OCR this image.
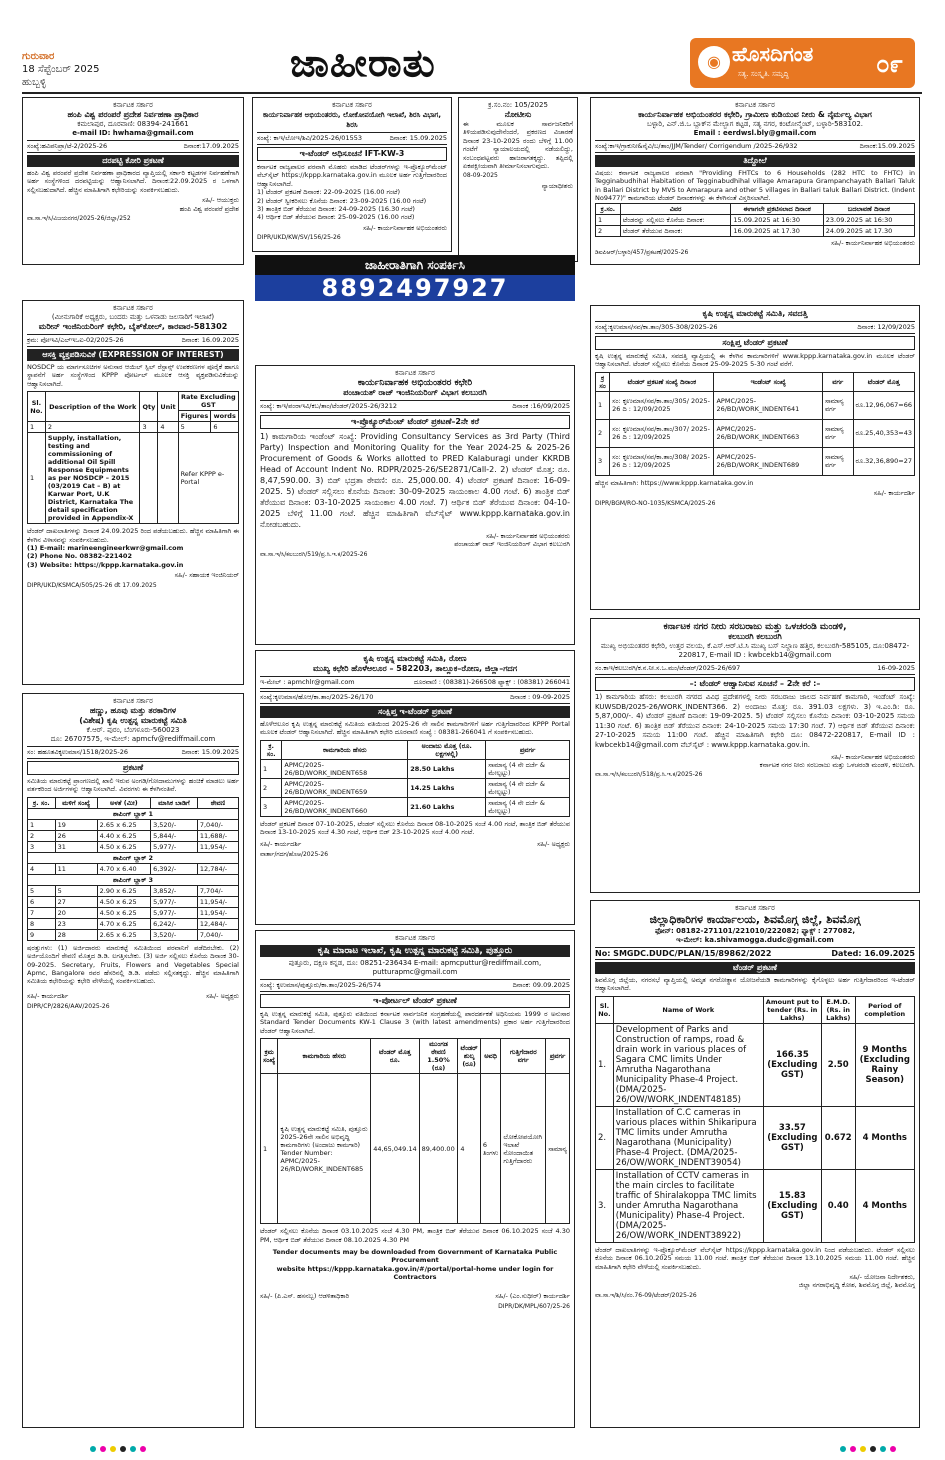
ಗುರುವಾರ
18 ಸೆಪ್ಟೆಂಬರ್ 2025
ಹುಬ್ಬಳ್ಳಿ	ಜಾಹೀರಾತು	◉ ಹೊಸದಿಗಂತ
ಸತ್ಯ. ಸಂಸ್ಕೃತಿ. ಸಮೃದ್ಧಿ	೦೯
ಕರ್ನಾಟಕ ಸರ್ಕಾರ
ಹಂಪಿ ವಿಶ್ವ ಪರಂಪರೆ ಪ್ರದೇಶ ನಿರ್ವಹಣಾ ಪ್ರಾಧಿಕಾರ
ಕಮಲಾಪುರ, ದೂರವಾಣಿ: 08394-241661
e-mail ID: hwhama@gmail.com
ಸಂಖ್ಯೆ:ಹವಿಪನಿಪ್ರಾ/ಟೆ-2/2025-26	ದಿನಾಂಕ:17.09.2025
ದರಪಟ್ಟಿ ಕೋರಿ ಪ್ರಕಟಣೆ

ಹಂಪಿ ವಿಶ್ವ ಪರಂಪರೆ ಪ್ರದೇಶ ನಿರ್ವಹಣಾ ಪ್ರಾಧಿಕಾರದ ವ್ಯಾಪ್ತಿಯಲ್ಲಿ ಸರ್ಕಾರಿ ಕಟ್ಟಡಗಳ ನಿರ್ವಹಣೆಗಾಗಿ ಅರ್ಹ ಸಂಸ್ಥೆಗಳಿಂದ ದರಪಟ್ಟಿಯನ್ನು ಆಹ್ವಾನಿಸಲಾಗಿದೆ. ದಿನಾಂಕ:22.09.2025 ರ ಒಳಗಾಗಿ ಸಲ್ಲಿಸಬಹುದಾಗಿದೆ. ಹೆಚ್ಚಿನ ಮಾಹಿತಿಗಾಗಿ ಕಛೇರಿಯನ್ನು ಸಂಪರ್ಕಿಸಬಹುದು.

ಸಹಿ/- ಆಯುಕ್ತರು
ಹಂಪಿ ವಿಶ್ವ ಪರಂಪರೆ ಪ್ರದೇಶ
ವಾ.ಸಾ.ಇ/ಸಿ/ವಿಜಯನಗರ/2025-26/ಜಿಲ್ಲಾ/252
ಕರ್ನಾಟಕ ಸರ್ಕಾರ
ಕಾರ್ಯನಿರ್ವಾಹಕ ಅಭಿಯಂತರರು, ಲೋಕೋಪಯೋಗಿ ಇಲಾಖೆ, ಶಿರಸಿ ವಿಭಾಗ, ಶಿರಸಿ
ಸಂಖ್ಯೆ: ಕಾಇ/ಲೋಇ/ಶಿವಿ/2025-26/01553	ದಿನಾಂಕ: 15.09.2025
ಇ-ಟೆಂಡರ್ ಅಧಿಸೂಚನೆ IFT-KW-3

ಕರ್ನಾಟಕ ರಾಜ್ಯಪಾಲರ ಪರವಾಗಿ ಮೊಹರು ಮಾಡಿದ ಟೆಂಡರ್‌ಗಳನ್ನು ಇ-ಪ್ರೊಕ್ಯೂರ್‌ಮೆಂಟ್ ವೆಬ್‌ಸೈಟ್ https://kppp.karnataka.gov.in ಮೂಲಕ ಅರ್ಹ ಗುತ್ತಿಗೆದಾರರಿಂದ ಆಹ್ವಾನಿಸಲಾಗಿದೆ.

1) ಟೆಂಡರ್ ಪ್ರಕಟಣೆ ದಿನಾಂಕ: 22-09-2025 (16.00 ಗಂಟೆ)

2) ಟೆಂಡರ್ ಸ್ವೀಕರಿಸಲು ಕೊನೆಯ ದಿನಾಂಕ: 23-09-2025 (16.00 ಗಂಟೆ)

3) ತಾಂತ್ರಿಕ ಬಿಡ್ ತೆರೆಯುವ ದಿನಾಂಕ: 24-09-2025 (16.30 ಗಂಟೆ)

4) ಆರ್ಥಿಕ ಬಿಡ್ ತೆರೆಯುವ ದಿನಾಂಕ: 25-09-2025 (16.00 ಗಂಟೆ)

ಸಹಿ/- ಕಾರ್ಯನಿರ್ವಾಹಕ ಅಭಿಯಂತರರು
DIPR/UKD/KW/SV/156/25-26
ಕ್ರ.ಸಂ.ನಂ: 105/2025
ನೋಟೀಸು

ಈ ಮೂಲಕ ಸಾರ್ವಜನಿಕರಿಗೆ ತಿಳಿಯಪಡಿಸುವುದೇನೆಂದರೆ, ಪ್ರಕರಣದ ವಿಚಾರಣೆ ದಿನಾಂಕ 23-10-2025 ರಂದು ಬೆಳಿಗ್ಗೆ 11.00 ಗಂಟೆಗೆ ನ್ಯಾಯಾಲಯದಲ್ಲಿ ನಡೆಯಲಿದ್ದು, ಸಂಬಂಧಪಟ್ಟವರು ಹಾಜರಾಗತಕ್ಕದ್ದು. ತಪ್ಪಿದಲ್ಲಿ ಏಕಪಕ್ಷೀಯವಾಗಿ ತೀರ್ಮಾನಿಸಲಾಗುವುದು.

08-09-2025
ನ್ಯಾಯಾಧೀಶರು
ಜಾಹೀರಾತಿಗಾಗಿ ಸಂಪರ್ಕಿಸಿ
8892497927
ಕರ್ನಾಟಕ ಸರ್ಕಾರ
ಕಾರ್ಯನಿರ್ವಾಹಕ ಅಭಿಯಂತರರ ಕಛೇರಿ, ಗ್ರಾಮೀಣ ಕುಡಿಯುವ ನೀರು & ನೈರ್ಮಲ್ಯ ವಿಭಾಗ
ಬಳ್ಳಾರಿ, ಎನ್.ಜಿ.ಒ ಬ್ಲಾಕ್‌ನ ಮೇಲ್ಭಾಗ ಕಟ್ಟಡ, ಸತ್ಯ ನಗರ, ಕಂಟೋನ್ಮೆಂಟ್, ಬಳ್ಳಾರಿ-583102.
Email : eerdwsl.bly@gmail.com
ಸಂಖ್ಯೆ:ಕಾಇ/ಗ್ರಾಕುನೀ&ನೈವಿ/ಬ/ತಾಂ/JJM/Tender/ Corrigendum /2025-26/932	ದಿನಾಂಕ:15.09.2025
ತಿದ್ದೋಲೆ

ವಿಷಯ: ಕರ್ನಾಟಕ ರಾಜ್ಯಪಾಲರ ಪರವಾಗಿ "Providing FHTCs to 6 Households (282 HTC to FHTC) in Tegginabudhihal Habitation of Tegginabudhihal village Amarapura Grampanchayath Ballari Taluk in Ballari District by MVS to Amarapura and other 5 villages in Ballari taluk Ballari District. (Indent No9477)" ಕಾಮಗಾರಿಯ ಟೆಂಡರ್ ದಿನಾಂಕಗಳನ್ನು ಈ ಕೆಳಗಿನಂತೆ ವಿಸ್ತರಿಸಲಾಗಿದೆ.

ಕ್ರ.ಸಂ.	ವಿವರ	ಈಗಾಗಲೇ ಪ್ರಕಟಿಸಲಾದ ದಿನಾಂಕ	ಬದಲಾವಣೆ ದಿನಾಂಕ
1	ಟೆಂಡರನ್ನು ಸಲ್ಲಿಸಲು ಕೊನೆಯ ದಿನಾಂಕ:	15.09.2025 at 16:30	23.09.2025 at 16:30
2	ಟೆಂಡರ್ ತೆರೆಯುವ ದಿನಾಂಕ:	16.09.2025 at 17.30	24.09.2025 at 17.30
ಸಹಿ/- ಕಾರ್ಯನಿರ್ವಾಹಕ ಅಭಿಯಂತರರು
ಡಿಐಪಿಆರ್/ಬಳ್ಳಾರಿ/457/ಪ್ರಕಟಣೆ/2025-26
ಕರ್ನಾಟಕ ಸರ್ಕಾರ
(ಮೀನುಗಾರಿಕೆ ಅಧ್ಯಕ್ಷರು, ಬಂದರು ಮತ್ತು ಒಳನಾಡು ಜಲಸಾರಿಗೆ ಇಲಾಖೆ)
ಮರೀನ್ ಇಂಜಿನಿಯರಿಂಗ್ ಕಛೇರಿ, ಬೈತ್‌ಕೋಲ್, ಕಾರವಾರ-581302
ಕ್ರಮ: ಪೋಇವಿ/ಎಲ್‌ಇಒಐ-02/2025-26	ದಿನಾಂಕ: 16.09.2025
ಆಸಕ್ತಿ ವ್ಯಕ್ತಪಡಿಸುವಿಕೆ (EXPRESSION OF INTEREST)

NOSDCP ಯ ಮಾರ್ಗಸೂಚಿಗಳ ಅನುಸಾರ ಆಯಿಲ್ ಸ್ಪಿಲ್ ರೆಸ್ಪಾನ್ಸ್ ಉಪಕರಣಗಳ ಪೂರೈಕೆ ಹಾಗೂ ಸ್ಥಾಪನೆಗೆ ಅರ್ಹ ಸಂಸ್ಥೆಗಳಿಂದ KPPP ಪೋರ್ಟಲ್ ಮೂಲಕ ಆಸಕ್ತಿ ವ್ಯಕ್ತಪಡಿಸುವಿಕೆಯನ್ನು ಆಹ್ವಾನಿಸಲಾಗಿದೆ.

Sl. No.	Description of the Work	Qty	Unit	Rate Excluding GST	
				Figures	words
1	2	3	4	5	6
1	Supply, installation, testing and commissioning of additional Oil Spill Response Equipments as per NOSDCP – 2015 (03/2019 Cat – B) at Karwar Port, U.K District, Karnataka The detail specification provided in Appendix-X			Refer KPPP e-Portal	

ಟೆಂಡರ್ ದಾಖಲಾತಿಗಳನ್ನು ದಿನಾಂಕ 24.09.2025 ರಿಂದ ಪಡೆಯಬಹುದು. ಹೆಚ್ಚಿನ ಮಾಹಿತಿಗಾಗಿ ಈ ಕೆಳಗಿನ ವಿಳಾಸವನ್ನು ಸಂಪರ್ಕಿಸಬಹುದು.

(1) E-mail: marineengineerkwr@gmail.com

(2) Phone No. 08382-221402

(3) Website: https://kppp.karnataka.gov.in

ಸಹಿ/- ಸಹಾಯಕ ಇಂಜಿನಿಯರ್
DIPR/UKD/KSMCA/505/25-26 dt 17.09.2025
ಕರ್ನಾಟಕ ಸರ್ಕಾರ
ಕಾರ್ಯನಿರ್ವಾಹಕ ಅಭಿಯಂತರರ ಕಛೇರಿ
ಪಂಚಾಯತ್ ರಾಜ್ ಇಂಜಿನಿಯರಿಂಗ್ ವಿಭಾಗ ಕಲಬುರಗಿ
ಸಂಖ್ಯೆ: ಕಾಇ/ಪಂರಾಇವಿ/ಕಬ/ತಾಂ/ಟೆಂಡರ್/2025-26/3212	ದಿನಾಂಕ :16/09/2025
ಇ-ಪ್ರೊಕ್ಯೂರ್‌ಮೆಂಟ್ ಟೆಂಡರ್ ಪ್ರಕಟಣೆ–2ನೇ ಕರೆ

1) ಕಾಮಗಾರಿಯ ಇಂಡೆಂಟ್ ಸಂಖ್ಯೆ: Providing Consultancy Services as 3rd Party (Third Party) Inspection and Monitoring Quality for the Year 2024-25 & 2025-26 Procurement of Goods & Works allotted to PRED Kalaburagi under KKRDB Head of Account Indent No. RDPR/2025-26/SE2871/Call-2. 2) ಟೆಂಡರ್ ಮೊತ್ತ: ರೂ. 8,47,590.00. 3) ಬಿಡ್ ಭದ್ರತಾ ಠೇವಣಿ: ರೂ. 25,000.00. 4) ಟೆಂಡರ್ ಪ್ರಕಟಣೆ ದಿನಾಂಕ: 16-09-2025. 5) ಟೆಂಡರ್ ಸಲ್ಲಿಸಲು ಕೊನೆಯ ದಿನಾಂಕ: 30-09-2025 ಸಾಯಂಕಾಲ 4.00 ಗಂಟೆ. 6) ತಾಂತ್ರಿಕ ಬಿಡ್ ತೆರೆಯುವ ದಿನಾಂಕ: 03-10-2025 ಸಾಯಂಕಾಲ 4.00 ಗಂಟೆ. 7) ಆರ್ಥಿಕ ಬಿಡ್ ತೆರೆಯುವ ದಿನಾಂಕ: 04-10-2025 ಬೆಳಿಗ್ಗೆ 11.00 ಗಂಟೆ. ಹೆಚ್ಚಿನ ಮಾಹಿತಿಗಾಗಿ ವೆಬ್‌ಸೈಟ್ www.kppp.karnataka.gov.in ನೋಡಬಹುದು.

ಸಹಿ/- ಕಾರ್ಯನಿರ್ವಾಹಕ ಅಭಿಯಂತರರು
ಪಂಚಾಯತ್ ರಾಜ್ ಇಂಜಿನಿಯರಿಂಗ್ ವಿಭಾಗ ಕಲಬುರಗಿ
ವಾ.ಸಾ.ಇ/ಸಿ/ಕಲಬುರಗಿ/519/ಪ್ರ.ಸಿ.ಇ.ಕ/2025-26
ಕೃಷಿ ಉತ್ಪನ್ನ ಮಾರುಕಟ್ಟೆ ಸಮಿತಿ, ಸವದತ್ತಿ
ಸಂಖ್ಯೆ:ಕೃಉಮಾಸ/ಸವ/ಕಾ.ತಾಂ/305-308/2025-26	ದಿನಾಂಕ: 12/09/2025
ಸಂಕ್ಷಿಪ್ತ ಟೆಂಡರ್ ಪ್ರಕಟಣೆ

ಕೃಷಿ ಉತ್ಪನ್ನ ಮಾರುಕಟ್ಟೆ ಸಮಿತಿ, ಸವದತ್ತಿ ವ್ಯಾಪ್ತಿಯಲ್ಲಿ ಈ ಕೆಳಗಿನ ಕಾಮಗಾರಿಗಳಿಗೆ www.kppp.karnataka.gov.in ಮೂಲಕ ಟೆಂಡರ್ ಆಹ್ವಾನಿಸಲಾಗಿದೆ. ಟೆಂಡರ್ ಸಲ್ಲಿಸಲು ಕೊನೆಯ ದಿನಾಂಕ 25-09-2025 5-30 ಗಂಟೆ ವರೆಗೆ.

ಕ್ರ ಸಂ	ಟೆಂಡರ್ ಪ್ರಕಟಣೆ ಸಂಖ್ಯೆ ದಿನಾಂಕ	ಇಂಡೆಂಟ್ ಸಂಖ್ಯೆ	ವರ್ಗ	ಟೆಂಡರ್ ಮೊತ್ತ
1	ಸಂ: ಕೃಉಮಾಸ/ಸವ/ಕಾ.ತಾಂ/305/ 2025-26 ದಿ : 12/09/2025	APMC/2025-26/BD/WORK_INDENT641	ಸಾಮಾನ್ಯ ವರ್ಗ	ರೂ.12,96,067=66
2	ಸಂ: ಕೃಉಮಾಸ/ಸವ/ಕಾ.ತಾಂ/307/ 2025-26 ದಿ : 12/09/2025	APMC/2025-26/BD/WORK_INDENT663	ಸಾಮಾನ್ಯ ವರ್ಗ	ರೂ.25,40,353=43
3	ಸಂ: ಕೃಉಮಾಸ/ಸವ/ಕಾ.ತಾಂ/308/ 2025-26 ದಿ : 12/09/2025	APMC/2025-26/BD/WORK_INDENT689	ಸಾಮಾನ್ಯ ವರ್ಗ	ರೂ.32,36,890=27

ಹೆಚ್ಚಿನ ಮಾಹಿತಿಗಾಗಿ: https://www.kppp.karnataka.gov.in

ಸಹಿ/- ಕಾರ್ಯದರ್ಶಿ
DIPR/BGM/RO-NO-1035/KSMCA/2025-26
ಕರ್ನಾಟಕ ಸರ್ಕಾರ
ಹಣ್ಣು, ಹೂವು ಮತ್ತು ತರಕಾರಿಗಳ
(ವಿಶೇಷ) ಕೃಷಿ ಉತ್ಪನ್ನ ಮಾರುಕಟ್ಟೆ ಸಮಿತಿ
ಕೆ.ಆರ್. ಪುರಂ, ಬೆಂಗಳೂರು-560023
ದೂ: 26707575, ಇ-ಮೇಲ್: apmcfv@rediffmail.com
ಸಂ: ಹಹೂತವಿಕೃಉಮಾಸ/1518/2025-26	ದಿನಾಂಕ: 15.09.2025
ಪ್ರಕಟಣೆ

ಸಮಿತಿಯ ಮಾರುಕಟ್ಟೆ ಪ್ರಾಂಗಣದಲ್ಲಿ ಖಾಲಿ ಇರುವ ಅಂಗಡಿ/ಗೋದಾಮುಗಳನ್ನು ಹಂಚಿಕೆ ಮಾಡಲು ಅರ್ಹ ವರ್ತಕರಿಂದ ಅರ್ಜಿಗಳನ್ನು ಆಹ್ವಾನಿಸಲಾಗಿದೆ. ವಿವರಗಳು ಈ ಕೆಳಗಿನಂತಿವೆ.

ಕ್ರ. ಸಂ.	ಮಳಿಗೆ ಸಂಖ್ಯೆ	ಅಳತೆ (ಮೀ)	ಮಾಸಿಕ ಬಾಡಿಗೆ	ಠೇವಣಿ
ಶಾಪಿಂಗ್ ಬ್ಲಾಕ್ 1				
1	19	2.65 x 6.25	3,520/-	7,040/-
2	26	4.40 x 6.25	5,844/-	11,688/-
3	31	4.50 x 6.25	5,977/-	11,954/-
ಶಾಪಿಂಗ್ ಬ್ಲಾಕ್ 2				
4	11	4.70 x 6.40	6,392/-	12,784/-
ಶಾಪಿಂಗ್ ಬ್ಲಾಕ್ 3				
5	5	2.90 x 6.25	3,852/-	7,704/-
6	27	4.50 x 6.25	5,977/-	11,954/-
7	20	4.50 x 6.25	5,977/-	11,954/-
8	23	4.70 x 6.25	6,242/-	12,484/-
9	28	2.65 x 6.25	3,520/-	7,040/-

ಷರತ್ತುಗಳು: (1) ಅರ್ಜಿದಾರರು ಮಾರುಕಟ್ಟೆ ಸಮಿತಿಯಿಂದ ಪರವಾನಿಗೆ ಪಡೆದಿರಬೇಕು. (2) ಅರ್ಜಿಯೊಂದಿಗೆ ಠೇವಣಿ ಮೊತ್ತದ ಡಿ.ಡಿ. ಲಗತ್ತಿಸಬೇಕು. (3) ಅರ್ಜಿ ಸಲ್ಲಿಸಲು ಕೊನೆಯ ದಿನಾಂಕ 30-09-2025. Secretary, Fruits, Flowers and Vegetables Special Apmc, Bangalore ರವರ ಹೆಸರಿನಲ್ಲಿ ಡಿ.ಡಿ. ಪಡೆದು ಸಲ್ಲಿಸತಕ್ಕದ್ದು. ಹೆಚ್ಚಿನ ಮಾಹಿತಿಗಾಗಿ ಸಮಿತಿಯ ಕಛೇರಿಯನ್ನು ಕಛೇರಿ ವೇಳೆಯಲ್ಲಿ ಸಂಪರ್ಕಿಸಬಹುದು.

ಸಹಿ/- ಕಾರ್ಯದರ್ಶಿ	ಸಹಿ/- ಅಧ್ಯಕ್ಷರು
DIPR/CP/2826/AAV/2025-26
ಕೃಷಿ ಉತ್ಪನ್ನ ಮಾರುಕಟ್ಟೆ ಸಮಿತಿ, ರೋಣ
ಮುಖ್ಯ ಕಛೇರಿ ಹೊಳೆಆಲೂರ – 582203, ತಾಲ್ಲೂಕ–ರೋಣ, ಜಿಲ್ಲಾ–ಗದಗ
ಇ-ಮೇಲ್ : apmchlr@gmail.com	ದೂರವಾಣಿ : (08381)-266508 ಫ್ಯಾಕ್ಸ್ : (08381) 266041
ಸಂಖ್ಯೆ:ಕೃಉಮಾಸ/ಹೊಆ/ಕಾ.ತಾಂ/2025-26/170	ದಿನಾಂಕ : 09-09-2025
ಸಂಕ್ಷಿಪ್ತ ಇ-ಟೆಂಡರ್ ಪ್ರಕಟಣೆ

ಹೊಳೆಆಲೂರ ಕೃಷಿ ಉತ್ಪನ್ನ ಮಾರುಕಟ್ಟೆ ಸಮಿತಿಯ ವತಿಯಿಂದ 2025-26 ನೇ ಸಾಲಿನ ಕಾಮಗಾರಿಗಳಿಗೆ ಅರ್ಹ ಗುತ್ತಿಗೆದಾರರಿಂದ KPPP Portal ಮೂಲಕ ಟೆಂಡರ್ ಆಹ್ವಾನಿಸಲಾಗಿದೆ. ಹೆಚ್ಚಿನ ಮಾಹಿತಿಗಾಗಿ ಕಛೇರಿ ದೂರವಾಣಿ ಸಂಖ್ಯೆ : 08381-266041 ಗೆ ಸಂಪರ್ಕಿಸಬಹುದು.

ಕ್ರ. ಸಂ.	ಕಾಮಗಾರಿಯ ಹೆಸರು	ಅಂದಾಜು ಮೊತ್ತ (ರೂ. ಲಕ್ಷಗಳಲ್ಲಿ)	ಪ್ರವರ್ಗ
1	APMC/2025-26/BD/WORK_INDENT658	28.50 Lakhs	ಸಾಮಾನ್ಯ (4 ನೇ ದರ್ಜೆ & ಮೇಲ್ಪಟ್ಟು)
2	APMC/2025-26/BD/WORK_INDENT659	14.25 Lakhs	ಸಾಮಾನ್ಯ (4 ನೇ ದರ್ಜೆ & ಮೇಲ್ಪಟ್ಟು)
3	APMC/2025-26/BD/WORK_INDENT660	21.60 Lakhs	ಸಾಮಾನ್ಯ (4 ನೇ ದರ್ಜೆ & ಮೇಲ್ಪಟ್ಟು)

ಟೆಂಡರ್ ಪ್ರಕಟಣೆ ದಿನಾಂಕ 07-10-2025, ಟೆಂಡರ್ ಸಲ್ಲಿಸಲು ಕೊನೆಯ ದಿನಾಂಕ 08-10-2025 ಸಂಜೆ 4.00 ಗಂಟೆ, ತಾಂತ್ರಿಕ ಬಿಡ್ ತೆರೆಯುವ ದಿನಾಂಕ 13-10-2025 ಸಂಜೆ 4.30 ಗಂಟೆ, ಆರ್ಥಿಕ ಬಿಡ್ 23-10-2025 ಸಂಜೆ 4.00 ಗಂಟೆ.

ಸಹಿ/- ಕಾರ್ಯದರ್ಶಿ	ಸಹಿ/- ಅಧ್ಯಕ್ಷರು
ವಾರ್ತಾ/ಗದಗ/ಹೊಆ/2025-26
ಕರ್ನಾಟಕ ಸರ್ಕಾರ
ಕೃಷಿ ಮಾರಾಟ ಇಲಾಖೆ, ಕೃಷಿ ಉತ್ಪನ್ನ ಮಾರುಕಟ್ಟೆ ಸಮಿತಿ, ಪುತ್ತೂರು
ಪುತ್ತೂರು, ದಕ್ಷಿಣ ಕನ್ನಡ, ದೂ: 08251-236434 E-mail: apmcputtur@rediffmail.com, putturapmc@gmail.com
ಸಂಖ್ಯೆ: ಕೃಉಮಾಸ/ಪುತ್ತೂರು/ಕಾ.ತಾಂ/2025-26/574	ದಿನಾಂಕ: 09.09.2025
ಇ-ಪೋರ್ಟಲ್ ಟೆಂಡರ್ ಪ್ರಕಟಣೆ

ಕೃಷಿ ಉತ್ಪನ್ನ ಮಾರುಕಟ್ಟೆ ಸಮಿತಿ, ಪುತ್ತೂರು ವತಿಯಿಂದ ಕರ್ನಾಟಕ ಸಾರ್ವಜನಿಕ ಸಂಗ್ರಹಣೆಯಲ್ಲಿ ಪಾರದರ್ಶಕತೆ ಅಧಿನಿಯಮ 1999 ರ ಅನುಸಾರ Standard Tender Documents KW-1 Clause 3 (with latest amendments) ಪ್ರಕಾರ ಅರ್ಹ ಗುತ್ತಿಗೆದಾರರಿಂದ ಟೆಂಡರ್ ಆಹ್ವಾನಿಸಲಾಗಿದೆ.

ಕ್ರಮ ಸಂಖ್ಯೆ	ಕಾಮಗಾರಿಯ ಹೆಸರು	ಟೆಂಡರ್ ಮೊತ್ತ ರೂ.	ಮುಂಗಡ ಠೇವಣಿ 1.50% (ರೂ)	ಟೆಂಡರ್ ಶುಲ್ಕ (ರೂ)	ಅವಧಿ	ಗುತ್ತಿಗೆದಾರರ ವರ್ಗ	ಪ್ರವರ್ಗ
1	ಕೃಷಿ ಉತ್ಪನ್ನ ಮಾರುಕಟ್ಟೆ ಸಮಿತಿ, ಪುತ್ತೂರು 2025-26ನೇ ಸಾಲಿನ ಅಭಿವೃದ್ಧಿ ಕಾಮಗಾರಿಗಳು (ಅಂದಾಜು ಕಾಮಗಾರಿ) Tender Number: APMC/2025-26/RD/WORK_INDENT685	44,65,049.14	89,400.00	4	6 ತಿಂಗಳು	ಲೋಕೋಪಯೋಗಿ ಇಲಾಖೆ ನೋಂದಾಯಿತ ಗುತ್ತಿಗೆದಾರರು	ಸಾಮಾನ್ಯ

ಟೆಂಡರ್ ಸಲ್ಲಿಸಲು ಕೊನೆಯ ದಿನಾಂಕ 03.10.2025 ಸಂಜೆ 4.30 PM, ತಾಂತ್ರಿಕ ಬಿಡ್ ತೆರೆಯುವ ದಿನಾಂಕ 06.10.2025 ಸಂಜೆ 4.30 PM, ಆರ್ಥಿಕ ಬಿಡ್ ತೆರೆಯುವ ದಿನಾಂಕ 08.10.2025 4.30 PM

Tender documents may be downloaded from Government of Karnataka Public Procurement

website https://kppp.karnataka.gov.in/#/portal/portal-home under login for Contractors

ಸಹಿ/- (ಪಿ.ಎಸ್. ಹಸನಬ್ಬ) ಆಡಳಿತಾಧಿಕಾರಿ	ಸಹಿ/- (ಎಂ.ಸುಧೀರ್) ಕಾರ್ಯದರ್ಶಿ
DIPR/DK/MPL/607/25-26
ಕರ್ನಾಟಕ ನಗರ ನೀರು ಸರಬರಾಜು ಮತ್ತು ಒಳಚರಂಡಿ ಮಂಡಳಿ,
ಕಲಬುರಗಿ ಕಲಬುರಗಿ
ಮುಖ್ಯ ಅಭಿಯಂತರರ ಕಛೇರಿ, ಉತ್ತರ ವಲಯ, ಕೆ.ಎಸ್.ಆರ್.ಟಿ.ಸಿ ಮುಖ್ಯ ಬಸ್ ನಿಲ್ದಾಣ ಹತ್ತಿರ, ಕಲಬುರಗಿ-585105, ದೂ:08472-220817, E-mail ID : kwbcekb14@gmail.com
ಸಂ.ಕಾಇ/ಕಲಬುರಗಿ/ಕ.ನ.ನೀ.ಸ.ಒ.ಮಂ/ಟೆಂಡರ್/2025-26/697	16-09-2025
–: ಟೆಂಡರ್ ಆಹ್ವಾನಿಸುವ ಸೂಚನೆ – 2ನೇ ಕರೆ :–

1) ಕಾಮಗಾರಿಯ ಹೆಸರು: ಕಲಬುರಗಿ ನಗರದ ವಿವಿಧ ಪ್ರದೇಶಗಳಲ್ಲಿ ನೀರು ಸರಬರಾಜು ಜಾಲದ ನಿರ್ವಹಣೆ ಕಾಮಗಾರಿ, ಇಂಡೆಂಟ್ ಸಂಖ್ಯೆ: KUWSDB/2025-26/WORK_INDENT366. 2) ಅಂದಾಜು ಮೊತ್ತ: ರೂ. 391.03 ಲಕ್ಷಗಳು. 3) ಇ.ಎಂ.ಡಿ: ರೂ. 5,87,000/-. 4) ಟೆಂಡರ್ ಪ್ರಕಟಣೆ ದಿನಾಂಕ: 19-09-2025. 5) ಟೆಂಡರ್ ಸಲ್ಲಿಸಲು ಕೊನೆಯ ದಿನಾಂಕ: 03-10-2025 ಸಮಯ 11:30 ಗಂಟೆ. 6) ತಾಂತ್ರಿಕ ಬಿಡ್ ತೆರೆಯುವ ದಿನಾಂಕ: 24-10-2025 ಸಮಯ 17:30 ಗಂಟೆ. 7) ಆರ್ಥಿಕ ಬಿಡ್ ತೆರೆಯುವ ದಿನಾಂಕ: 27-10-2025 ಸಮಯ 11:00 ಗಂಟೆ. ಹೆಚ್ಚಿನ ಮಾಹಿತಿಗಾಗಿ ಕಛೇರಿ ದೂ: 08472-220817, E-mail ID : kwbcekb14@gmail.com ವೆಬ್‌ಸೈಟ್ : www.kppp.karnataka.gov.in.

ಸಹಿ/- ಕಾರ್ಯನಿರ್ವಾಹಕ ಅಭಿಯಂತರರು
ಕರ್ನಾಟಕ ನಗರ ನೀರು ಸರಬರಾಜು ಮತ್ತು ಒಳಚರಂಡಿ ಮಂಡಳಿ, ಕಲಬುರಗಿ.
ವಾ.ಸಾ.ಇ/ಸಿ/ಕಲಬುರಗಿ/518/ಪ್ರ.ಸಿ.ಇ.ಕ/2025-26
ಕರ್ನಾಟಕ ಸರ್ಕಾರ
ಜಿಲ್ಲಾಧಿಕಾರಿಗಳ ಕಾರ್ಯಾಲಯ, ಶಿವಮೊಗ್ಗ ಜಿಲ್ಲೆ, ಶಿವಮೊಗ್ಗ
ಫೋನ್: 08182-271101/221010/222082; ಫ್ಯಾಕ್ಸ್ : 277082,
ಇ-ಮೇಲ್: ka.shivamogga.dudc@gmail.com
No: SMGDC.DUDC/PLAN/15/89862/2022	Dated: 16.09.2025
ಟೆಂಡರ್ ಪ್ರಕಟಣೆ

ಶಿವಮೊಗ್ಗ ಜಿಲ್ಲೆಯ, ನಗರಸಭೆ ವ್ಯಾಪ್ತಿಯಲ್ಲಿ ಅಮೃತ ನಗರೋತ್ಥಾನ ಯೋಜನೆಯಡಿ ಕಾಮಗಾರಿಗಳನ್ನು ಕೈಗೊಳ್ಳಲು ಅರ್ಹ ಗುತ್ತಿಗೆದಾರರಿಂದ ಇ-ಟೆಂಡರ್ ಆಹ್ವಾನಿಸಲಾಗಿದೆ.

Sl. No.	Name of Work	Amount put to tender (Rs. in Lakhs)	E.M.D. (Rs. in Lakhs)	Period of completion
1.	Development of Parks and Construction of ramps, road & drain work in various places of Sagara CMC limits Under Amrutha Nagarothana Municipality Phase-4 Project. (DMA/2025-26/OW/WORK_INDENT48185)	166.35 (Excluding GST)	2.50	9 Months (Excluding Rainy Season)
2.	Installation of C.C cameras in various places within Shikaripura TMC limits under Amrutha Nagarothana (Municipality) Phase-4 Project. (DMA/2025-26/OW/WORK_INDENT39054)	33.57 (Excluding GST)	0.672	4 Months
3.	Installation of CCTV cameras in the main circles to facilitate traffic of Shiralakoppa TMC limits under Amrutha Nagarothana (Municipality) Phase-4 Project. (DMA/2025-26/OW/WORK_INDENT38922)	15.83 (Excluding GST)	0.40	4 Months

ಟೆಂಡರ್ ದಾಖಲಾತಿಗಳನ್ನು ಇ-ಪ್ರೊಕ್ಯೂರ್‌ಮೆಂಟ್ ವೆಬ್‌ಸೈಟ್ https://kppp.karnataka.gov.in ನಿಂದ ಪಡೆಯಬಹುದು. ಟೆಂಡರ್ ಸಲ್ಲಿಸಲು ಕೊನೆಯ ದಿನಾಂಕ 06.10.2025 ಸಮಯ 11.00 ಗಂಟೆ. ತಾಂತ್ರಿಕ ಬಿಡ್ ತೆರೆಯುವ ದಿನಾಂಕ 13.10.2025 ಸಮಯ 11.00 ಗಂಟೆ. ಹೆಚ್ಚಿನ ಮಾಹಿತಿಗಾಗಿ ಕಛೇರಿ ವೇಳೆಯಲ್ಲಿ ಸಂಪರ್ಕಿಸಬಹುದು.

ಸಹಿ/- ಯೋಜನಾ ನಿರ್ದೇಶಕರು,
ಜಿಲ್ಲಾ ನಗರಾಭಿವೃದ್ಧಿ ಕೋಶ, ಶಿವಮೊಗ್ಗ ಜಿಲ್ಲೆ, ಶಿವಮೊಗ್ಗ
ವಾ.ಸಾ.ಇ/ಶಿ/ಸಿ/ನಂ.76-09/ಟೆಂಡರ್/2025-26
